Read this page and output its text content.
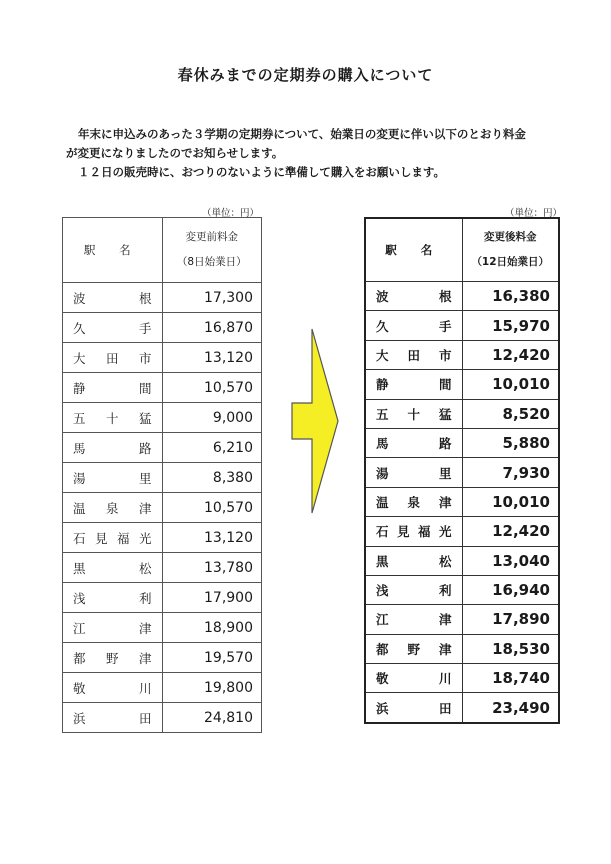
春休みまでの定期券の購入について

年末に申込みのあった３学期の定期券について、始業日の変更に伴い以下のとおり料金

が変更になりましたのでお知らせします。

１２日の販売時に、おつりのないように準備して購入をお願いします。

（単位：円）	（単位：円）
駅 名	変更前料金
（8日始業日）

波 根	17,300

久 手	16,870

大 田 市	13,120

静 間	10,570

五 十 猛	9,000

馬 路	6,210

湯 里	8,380

温 泉 津	10,570

石 見 福 光	13,120

黒 松	13,780

浅 利	17,900

江 津	18,900

都 野 津	19,570

敬 川	19,800

浜 田	24,810
駅 名	変更後料金
（12日始業日）

波 根	16,380

久 手	15,970

大 田 市	12,420

静 間	10,010

五 十 猛	8,520

馬 路	5,880

湯 里	7,930

温 泉 津	10,010

石 見 福 光	12,420

黒 松	13,040

浅 利	16,940

江 津	17,890

都 野 津	18,530

敬 川	18,740

浜 田	23,490
